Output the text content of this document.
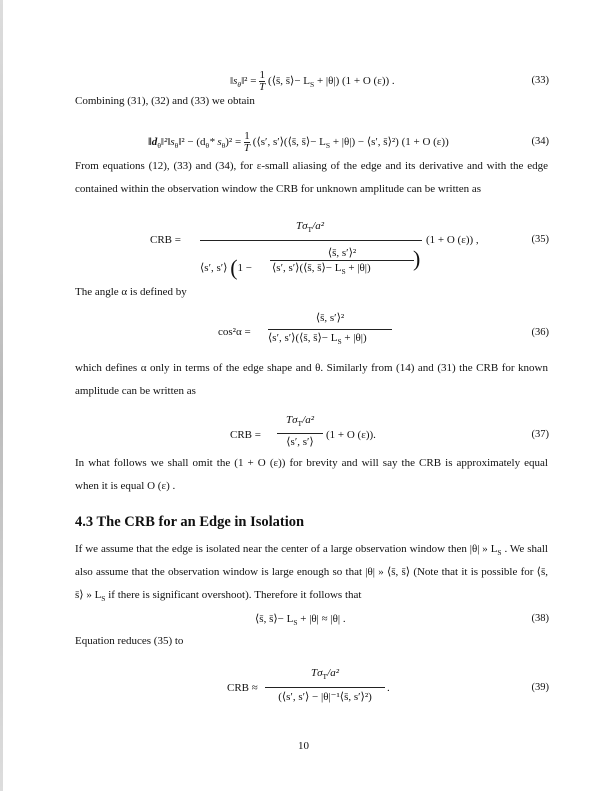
$‖s_\theta‖^2 = \frac{1}{T}$ (⟨s̄, s̄⟩− $L_S + |\theta|$) (1 + O (ε)) .	(33)
Combining (31), (32) and (33) we obtain
$‖d_\theta‖^2‖s_\theta‖^2 - (d_\theta*$ $s_\theta)^2 = \frac{1}{T}$ (⟨s′, s′⟩(⟨s̄, s̄⟩− $L_S + |\theta|$) − ⟨s′, s̄⟩²) (1 + O (ε))	(34)
From equations (12), (33) and (34), for ε-small aliasing of the edge and its derivative and with the edge contained within the observation window the CRB for unknown amplitude can be written as
CRB =
$T\sigma_T/a^2$
⟨s′, s′⟩ (1 −
⟨s̄, s′⟩²
⟨s′, s′⟩(⟨s̄, s̄⟩− $L_S + |\theta|$) )
(1 + O (ε)) ,	(35)
The angle α is defined by
cos²α =
⟨s̄, s′⟩²
⟨s′, s′⟩(⟨s̄, s̄⟩− $L_S + |\theta|$)	(36)
which defines α only in terms of the edge shape and θ. Similarly from (14) and (31) the CRB for known amplitude can be written as
CRB =
$T\sigma_T/a^2$
⟨s′, s′⟩
(1 + O (ε)).	(37)
In what follows we shall omit the (1 + O (ε)) for brevity and will say the CRB is approximately equal when it is equal O (ε) .
4.3 The CRB for an Edge in Isolation
If we assume that the edge is isolated near the center of a large observation window then |θ| » $L_S$ . We shall also assume that the observation window is large enough so that |θ| » ⟨s̄, s̄⟩ (Note that it is possible for ⟨s̄, s̄⟩ » $L_S$ if there is significant overshoot). Therefore it follows that
⟨s̄, s̄⟩− $L_S + |\theta| \approx |\theta|$ .	(38)
Equation reduces (35) to
CRB ≈
$T\sigma_T/a^2$
(⟨s′, s′⟩ − |θ|⁻¹⟨s̄, s′⟩²)
.	(39)
10
